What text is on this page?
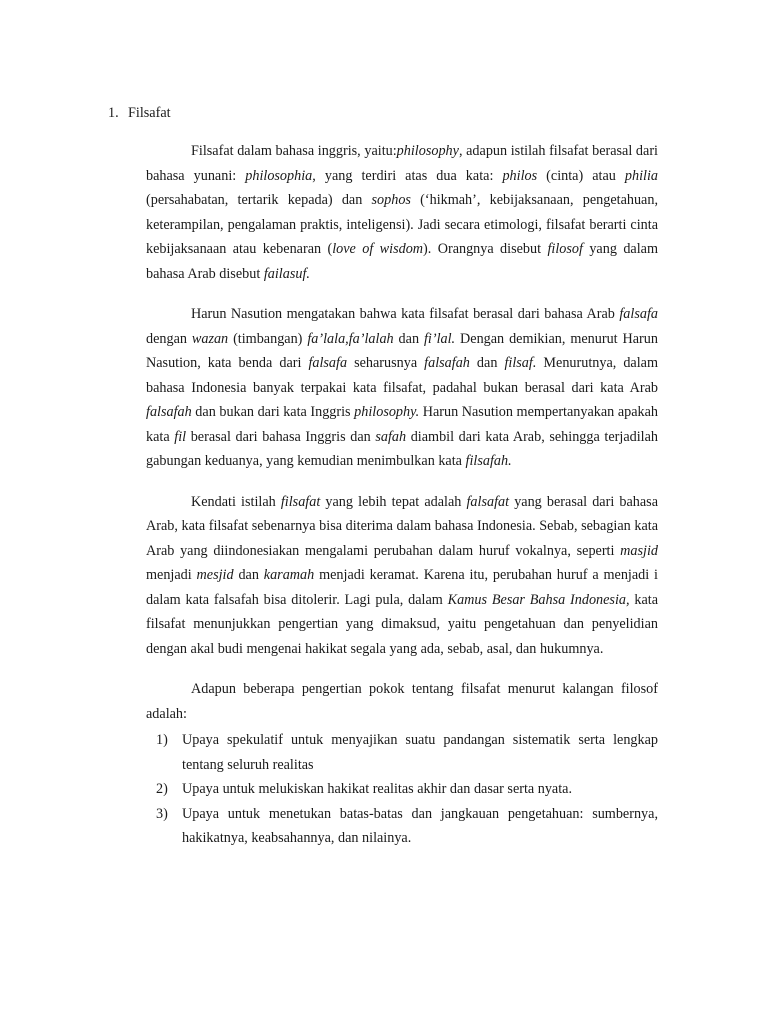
1. Filsafat

Filsafat dalam bahasa inggris, yaitu:philosophy, adapun istilah filsafat berasal dari bahasa yunani: philosophia, yang terdiri atas dua kata: philos (cinta) atau philia (persahabatan, tertarik kepada) dan sophos (‘hikmah’, kebijaksanaan, pengetahuan, keterampilan, pengalaman praktis, inteligensi). Jadi secara etimologi, filsafat berarti cinta kebijaksanaan atau kebenaran (love of wisdom). Orangnya disebut filosof yang dalam bahasa Arab disebut failasuf.

Harun Nasution mengatakan bahwa kata filsafat berasal dari bahasa Arab falsafa dengan wazan (timbangan) fa’lala,fa’lalah dan fi’lal. Dengan demikian, menurut Harun Nasution, kata benda dari falsafa seharusnya falsafah dan filsaf. Menurutnya, dalam bahasa Indonesia banyak terpakai kata filsafat, padahal bukan berasal dari kata Arab falsafah dan bukan dari kata Inggris philosophy. Harun Nasution mempertanyakan apakah kata fil berasal dari bahasa Inggris dan safah diambil dari kata Arab, sehingga terjadilah gabungan keduanya, yang kemudian menimbulkan kata filsafah.

Kendati istilah filsafat yang lebih tepat adalah falsafat yang berasal dari bahasa Arab, kata filsafat sebenarnya bisa diterima dalam bahasa Indonesia. Sebab, sebagian kata Arab yang diindonesiakan mengalami perubahan dalam huruf vokalnya, seperti masjid menjadi mesjid dan karamah menjadi keramat. Karena itu, perubahan huruf a menjadi i dalam kata falsafah bisa ditolerir. Lagi pula, dalam Kamus Besar Bahsa Indonesia, kata filsafat menunjukkan pengertian yang dimaksud, yaitu pengetahuan dan penyelidian dengan akal budi mengenai hakikat segala yang ada, sebab, asal, dan hukumnya.

Adapun beberapa pengertian pokok tentang filsafat menurut kalangan filosof adalah:

1) Upaya spekulatif untuk menyajikan suatu pandangan sistematik serta lengkap tentang seluruh realitas
2) Upaya untuk melukiskan hakikat realitas akhir dan dasar serta nyata.
3) Upaya untuk menetukan batas-batas dan jangkauan pengetahuan: sumbernya, hakikatnya, keabsahannya, dan nilainya.
